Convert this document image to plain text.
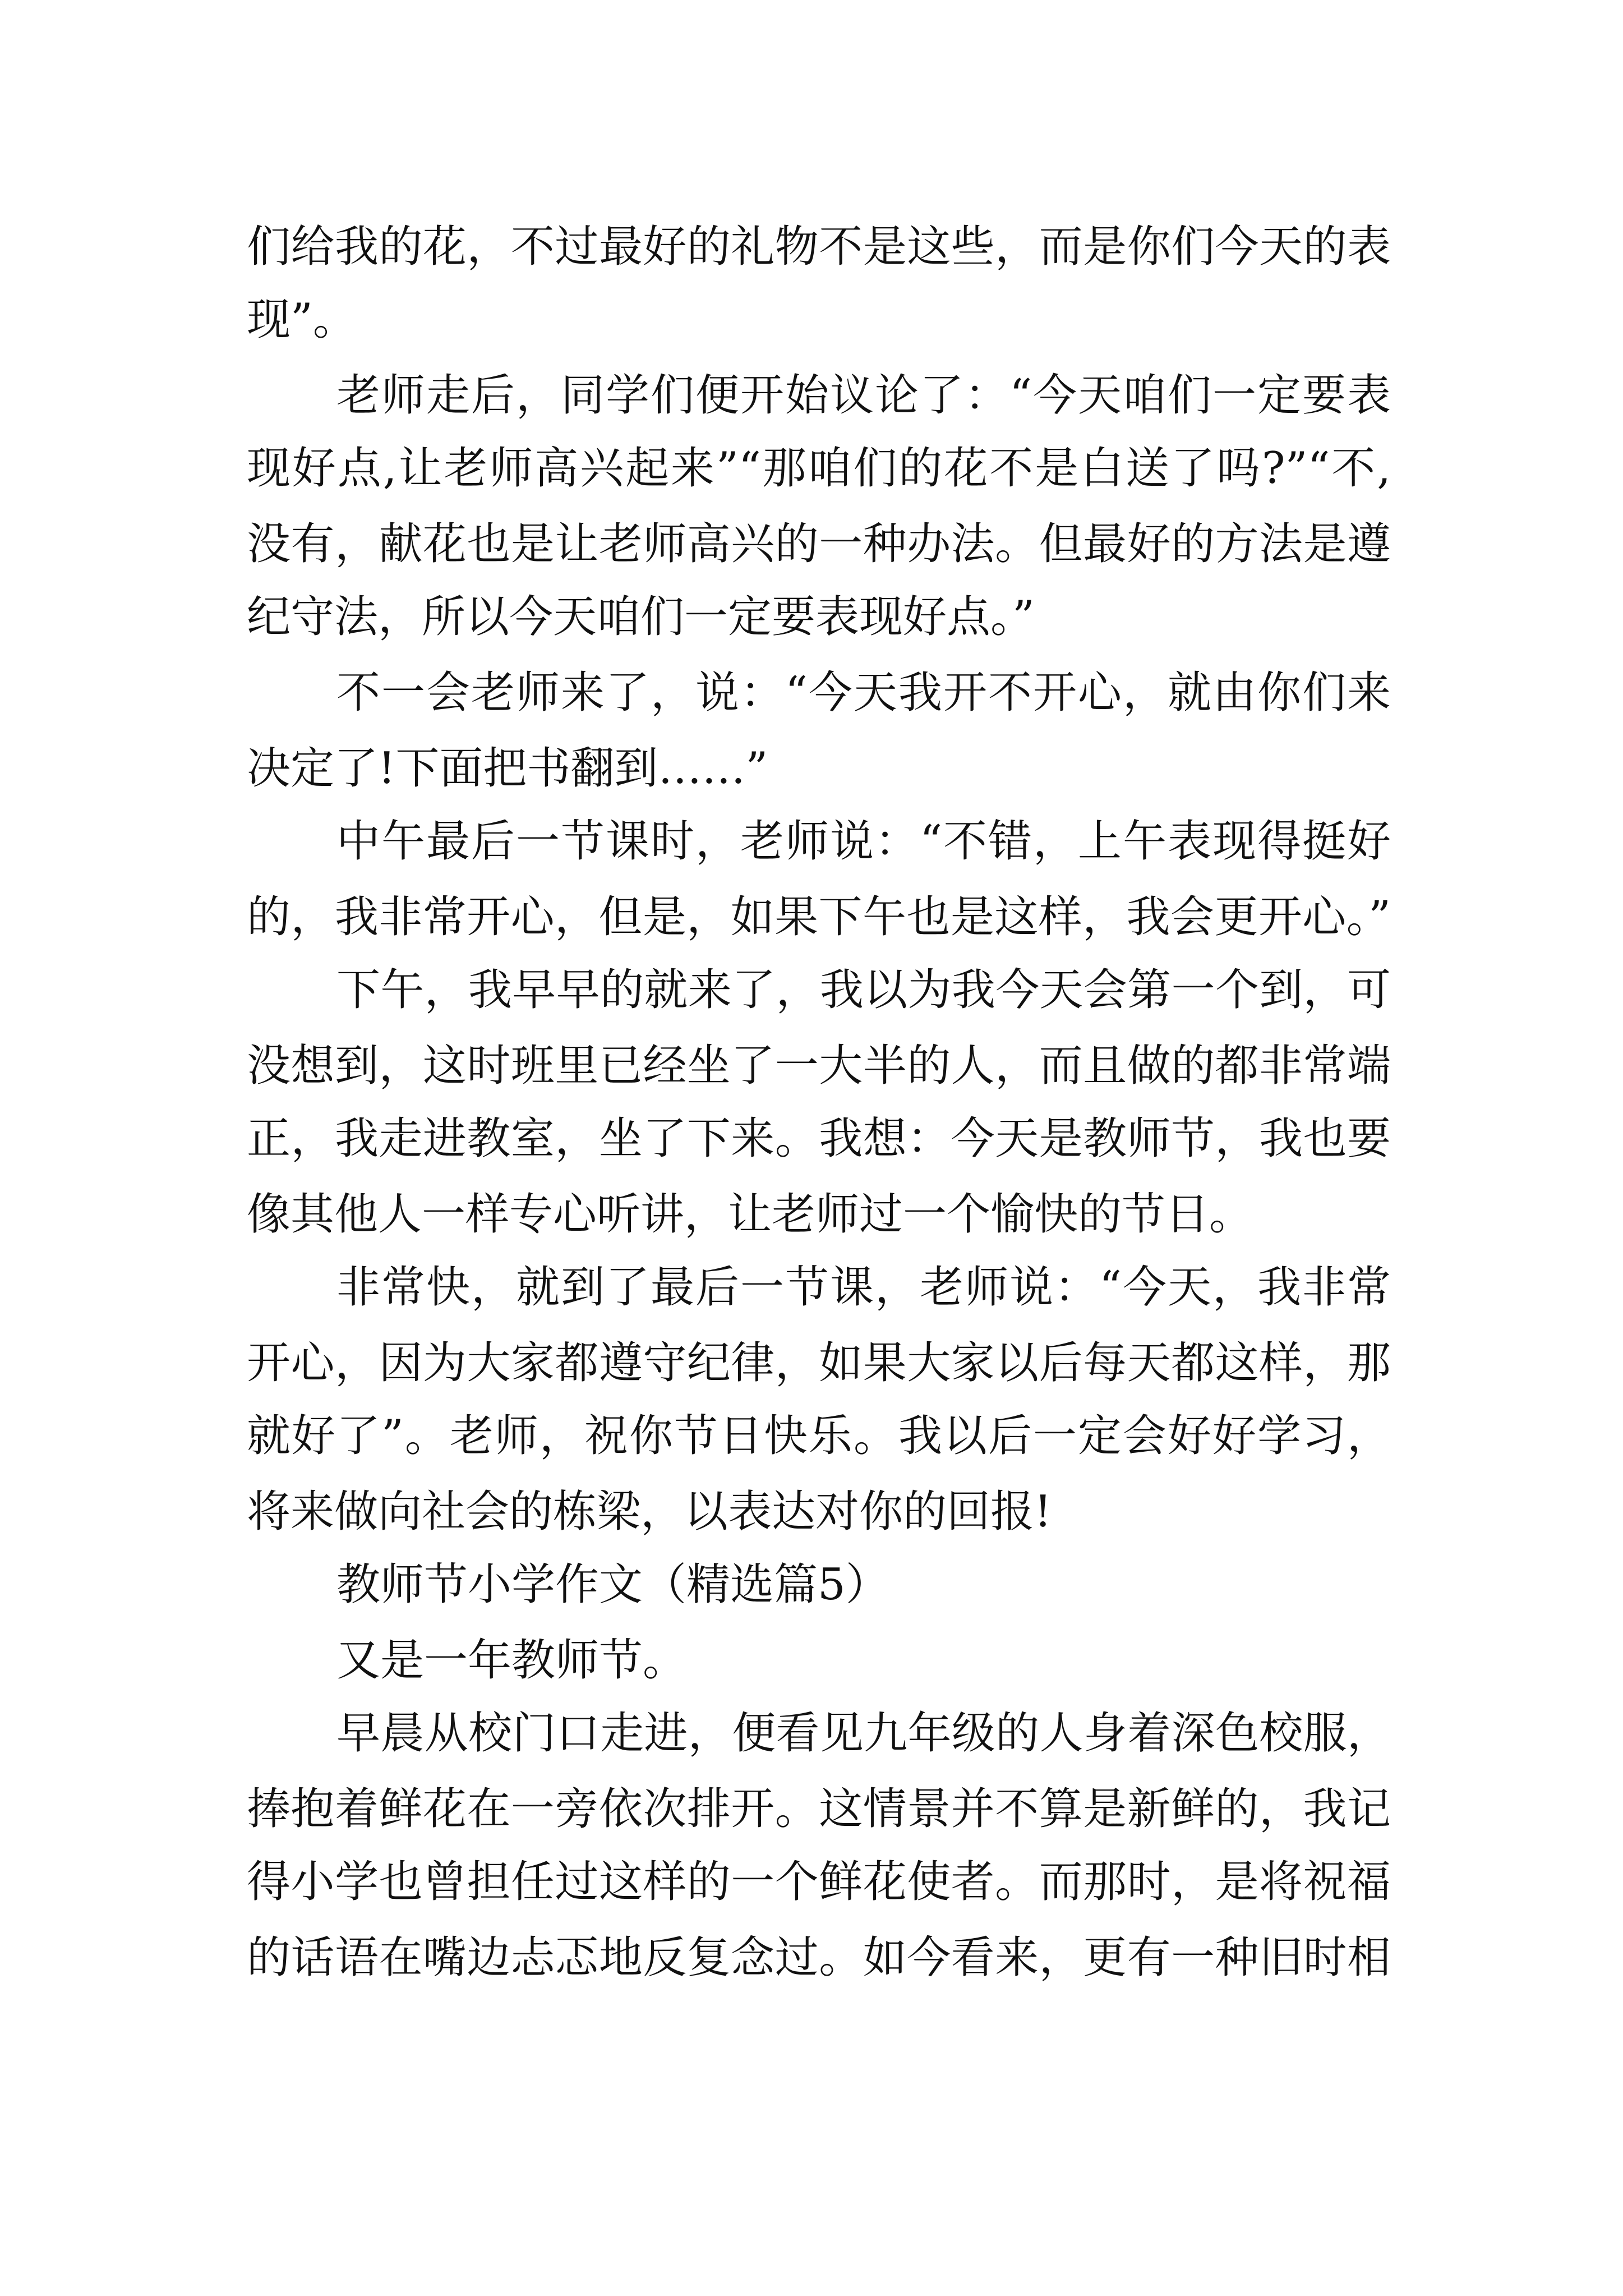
们给我的花，不过最好的礼物不是这些，而是你们今天的表
现”。
老师走后，同学们便开始议论了：“今天咱们一定要表
现好点,让老师高兴起来”“那咱们的花不是白送了吗?”“不,
没有，献花也是让老师高兴的一种办法。但最好的方法是遵
纪守法，所以今天咱们一定要表现好点。”
不一会老师来了，说：“今天我开不开心，就由你们来
决定了!下面把书翻到……”
中午最后一节课时，老师说：“不错，上午表现得挺好
的，我非常开心，但是，如果下午也是这样，我会更开心。”
下午，我早早的就来了，我以为我今天会第一个到，可
没想到，这时班里已经坐了一大半的人，而且做的都非常端
正，我走进教室，坐了下来。我想：今天是教师节，我也要
像其他人一样专心听讲，让老师过一个愉快的节日。
非常快，就到了最后一节课，老师说：“今天，我非常
开心，因为大家都遵守纪律，如果大家以后每天都这样，那
就好了”。老师，祝你节日快乐。我以后一定会好好学习，
将来做向社会的栋梁，以表达对你的回报!
教师节小学作文（精选篇5）
又是一年教师节。
早晨从校门口走进，便看见九年级的人身着深色校服，
捧抱着鲜花在一旁依次排开。这情景并不算是新鲜的，我记
得小学也曾担任过这样的一个鲜花使者。而那时，是将祝福
的话语在嘴边忐忑地反复念过。如今看来，更有一种旧时相
